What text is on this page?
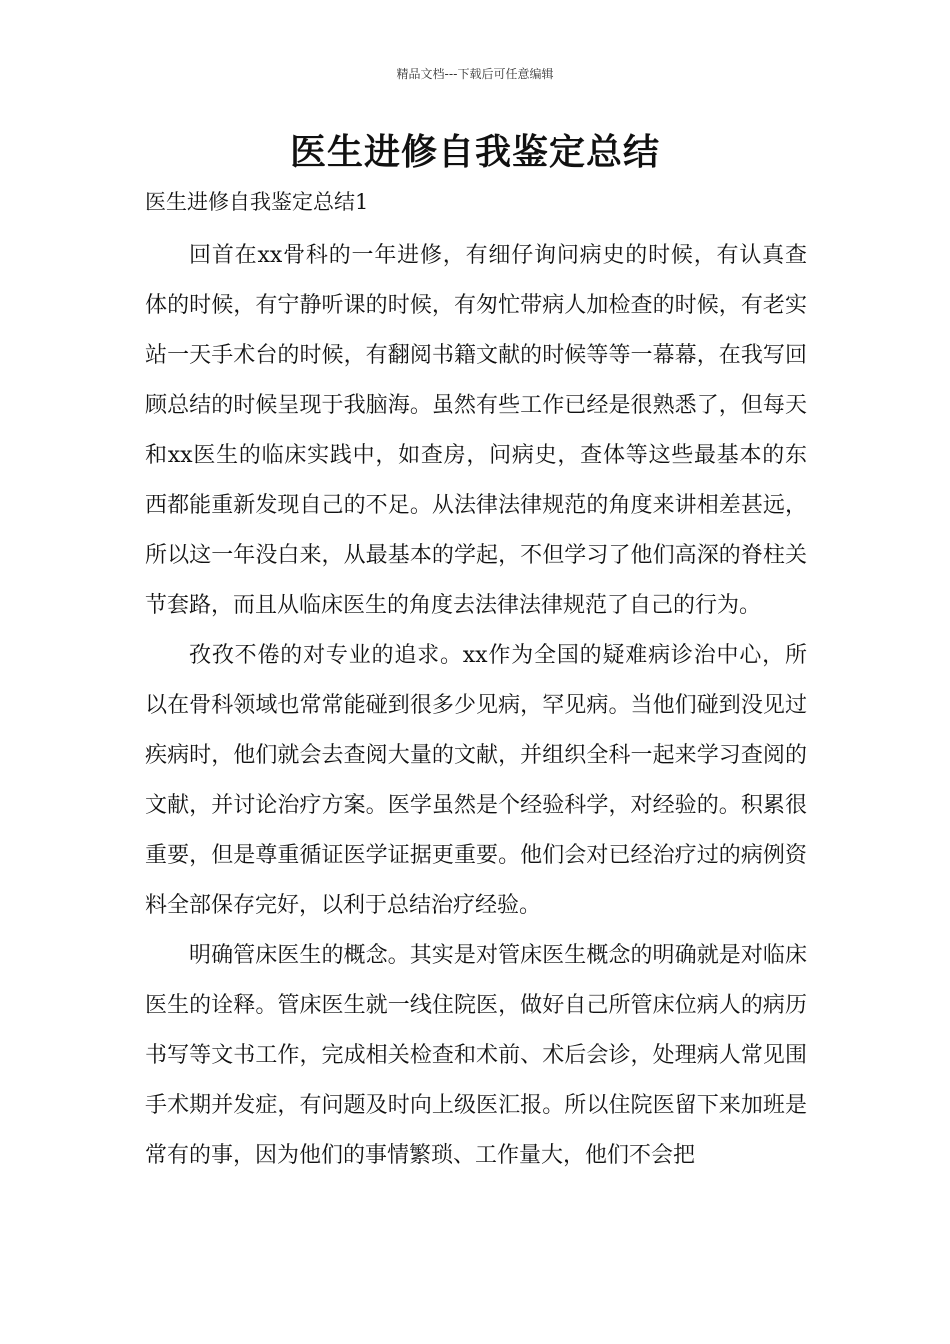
精品文档---下载后可任意编辑
医生进修自我鉴定总结
医生进修自我鉴定总结1

回首在xx骨科的一年进修，有细仔询问病史的时候，有认真查体的时候，有宁静听课的时候，有匆忙带病人加检查的时候，有老实站一天手术台的时候，有翻阅书籍文献的时候等等一幕幕，在我写回顾总结的时候呈现于我脑海。虽然有些工作已经是很熟悉了，但每天和xx医生的临床实践中，如查房，问病史，查体等这些最基本的东西都能重新发现自己的不足。从法律法律规范的角度来讲相差甚远，所以这一年没白来，从最基本的学起，不但学习了他们高深的脊柱关节套路，而且从临床医生的角度去法律法律规范了自己的行为。

孜孜不倦的对专业的追求。xx作为全国的疑难病诊治中心，所以在骨科领域也常常能碰到很多少见病，罕见病。当他们碰到没见过疾病时，他们就会去查阅大量的文献，并组织全科一起来学习查阅的文献，并讨论治疗方案。医学虽然是个经验科学，对经验的。积累很重要，但是尊重循证医学证据更重要。他们会对已经治疗过的病例资料全部保存完好，以利于总结治疗经验。

明确管床医生的概念。其实是对管床医生概念的明确就是对临床医生的诠释。管床医生就一线住院医，做好自己所管床位病人的病历书写等文书工作，完成相关检查和术前、术后会诊，处理病人常见围手术期并发症，有问题及时向上级医汇报。所以住院医留下来加班是常有的事，因为他们的事情繁琐、工作量大，他们不会把
